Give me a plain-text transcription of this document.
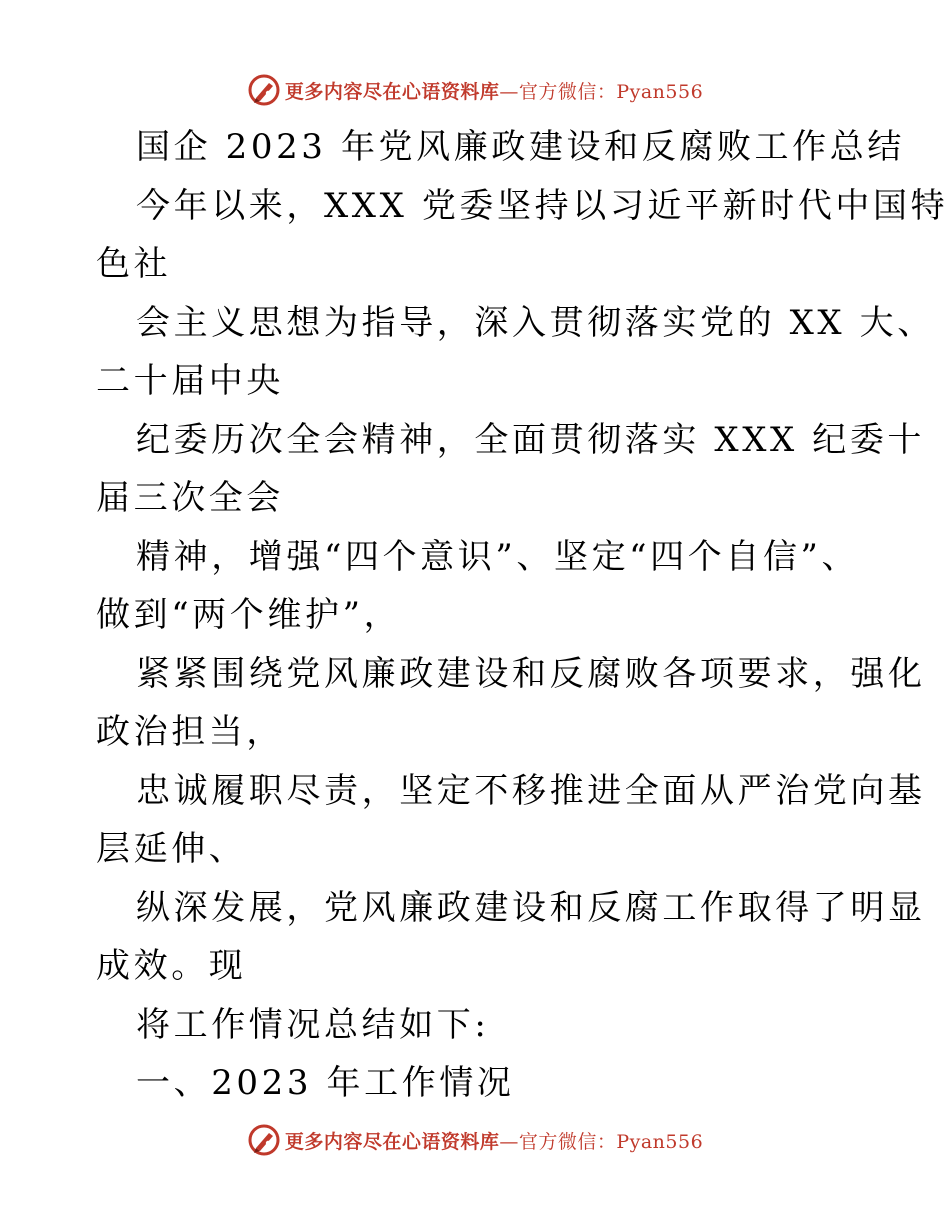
更多内容尽在心语资料库—官方微信：Pyan556
国企 2023 年党风廉政建设和反腐败工作总结
今年以来，XXX 党委坚持以习近平新时代中国特
色社
会主义思想为指导，深入贯彻落实党的 XX 大、
二十届中央
纪委历次全会精神，全面贯彻落实 XXX 纪委十
届三次全会
精神，增强“四个意识”、坚定“四个自信”、
做到“两个维护”，
紧紧围绕党风廉政建设和反腐败各项要求，强化
政治担当，
忠诚履职尽责，坚定不移推进全面从严治党向基
层延伸、
纵深发展，党风廉政建设和反腐工作取得了明显
成效。现
将工作情况总结如下:
一、2023 年工作情况
更多内容尽在心语资料库—官方微信：Pyan556
